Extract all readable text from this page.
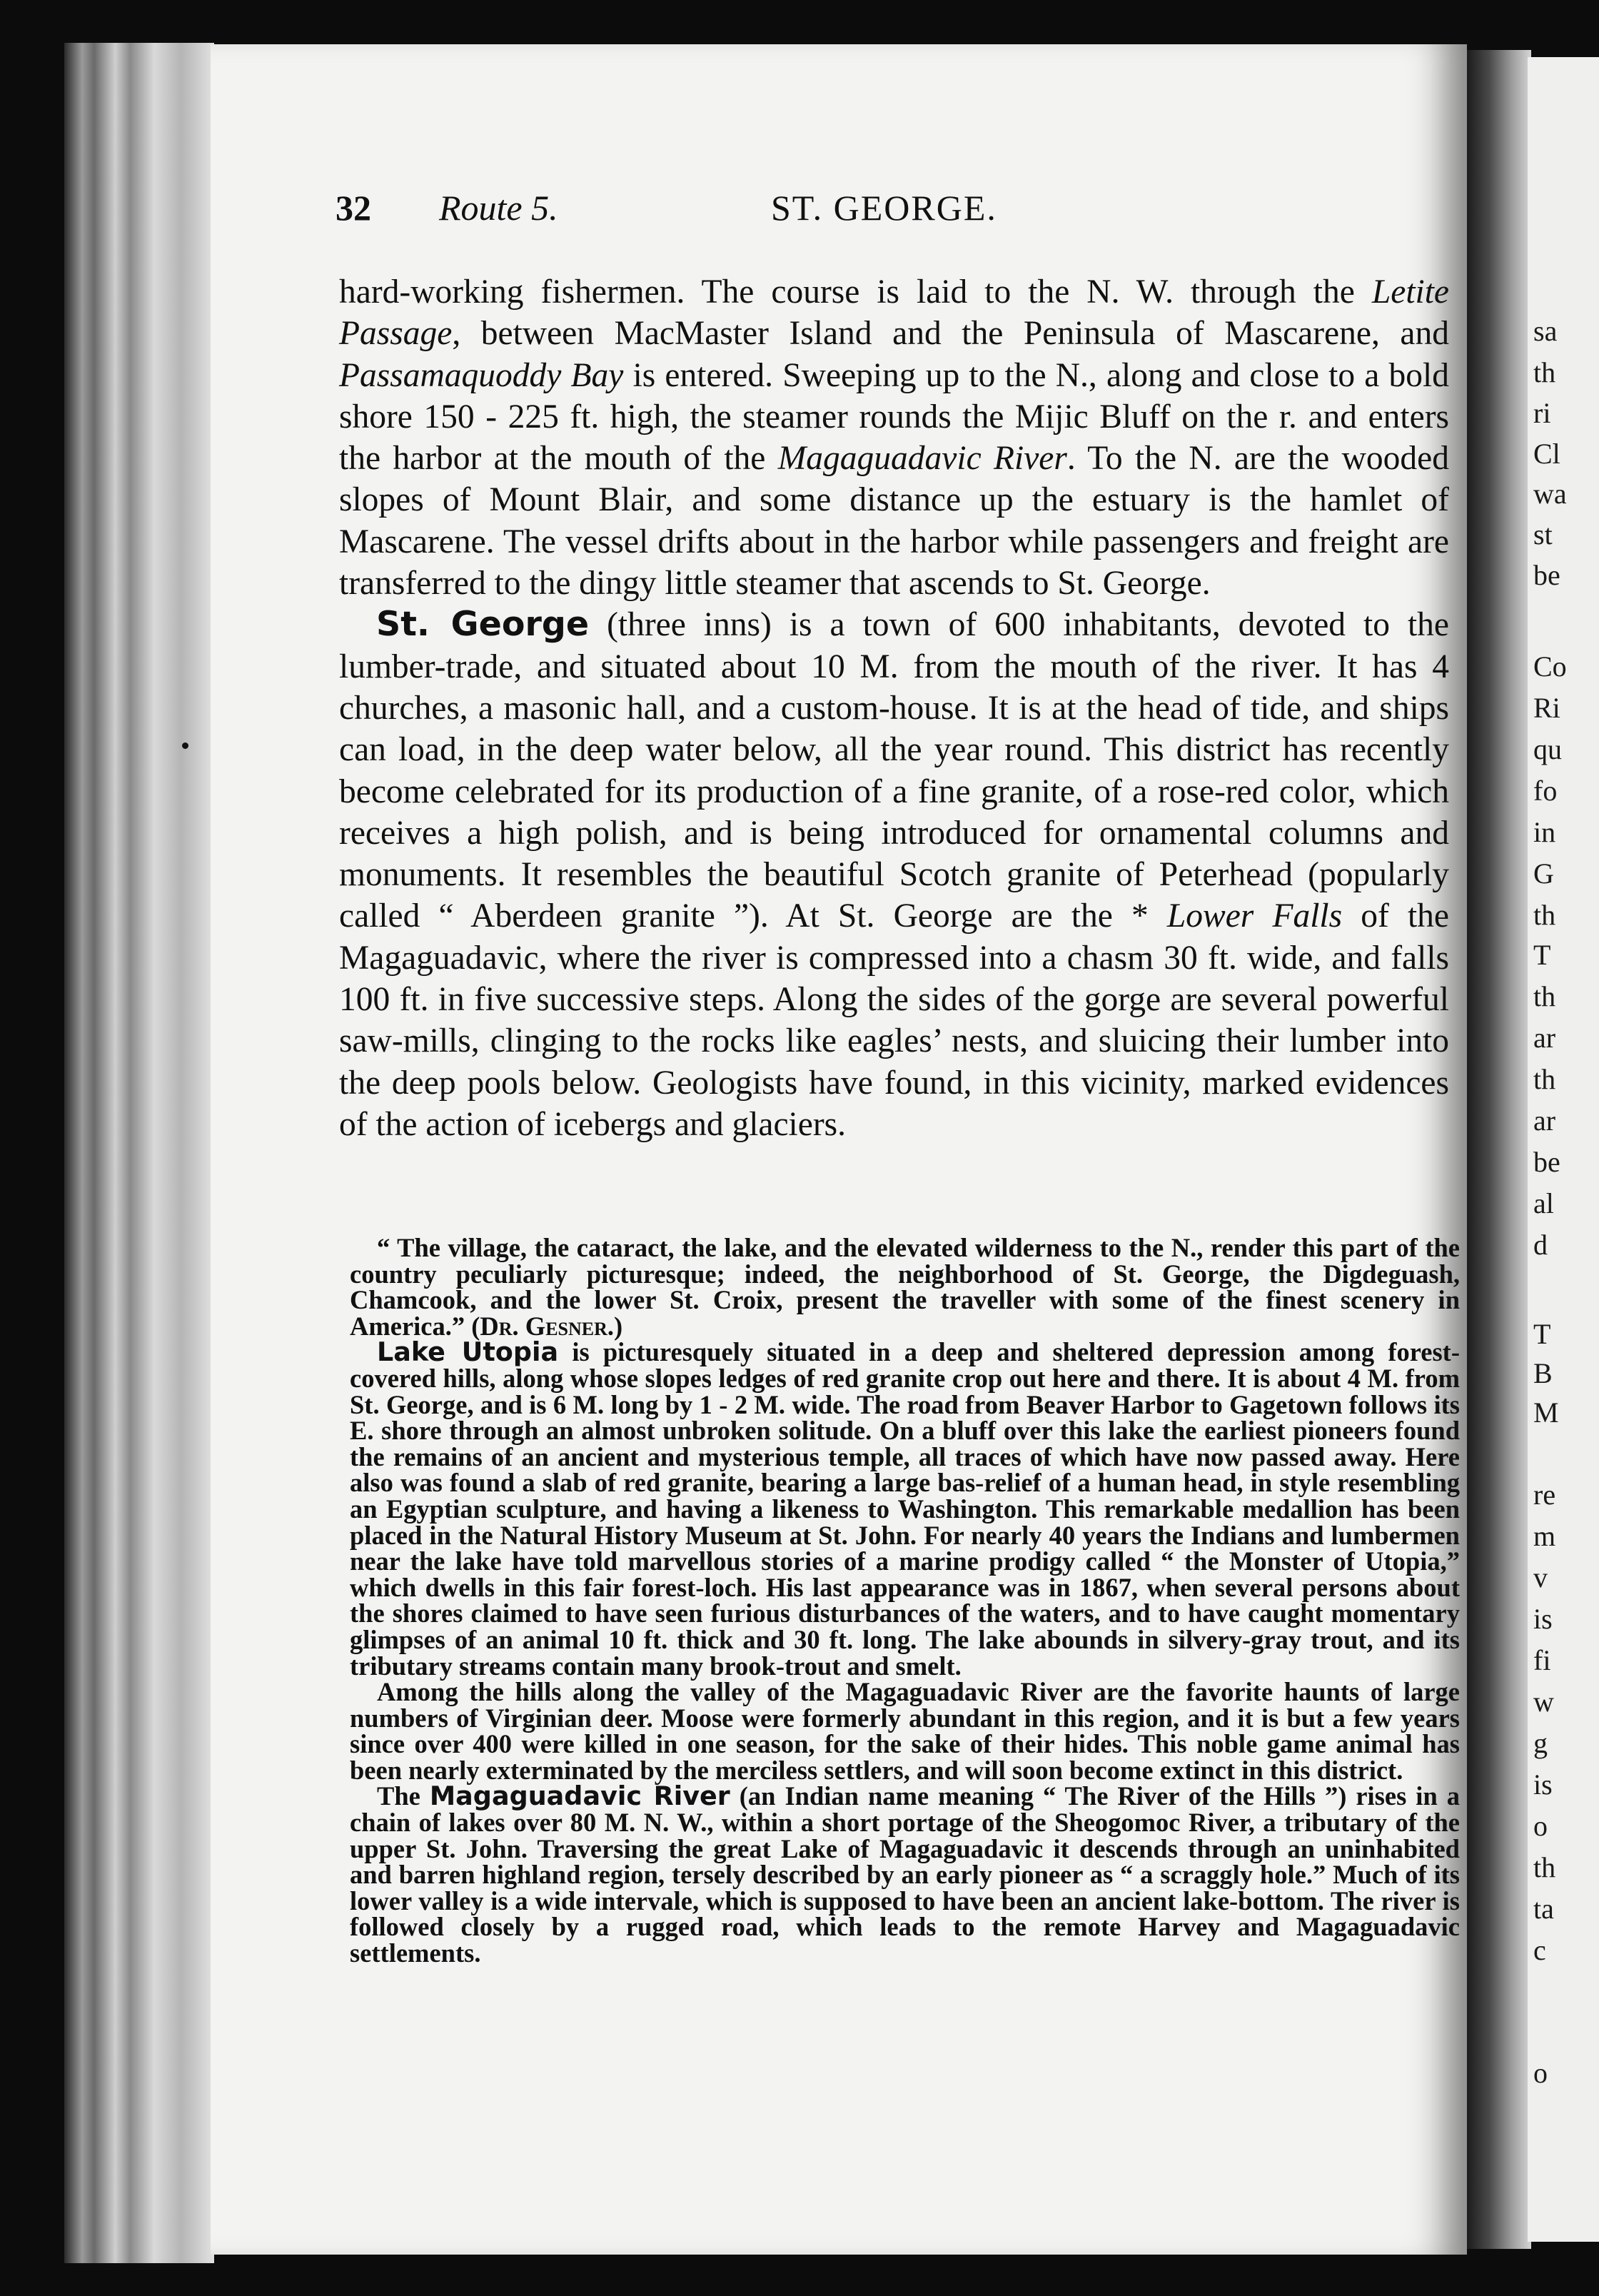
sa
th
ri
Cl
wa
st
be
Co
Ri
qu
fo
in
G
th
T
th
ar
th
ar
be
al
d
T
B
M
re
m
v
is
fi
w
g
is
o
th
ta
c
o
32 Route 5.	ST. GEORGE.

hard-working fishermen. The course is laid to the N. W. through the Letite Passage, between MacMaster Island and the Peninsula of Mascarene, and Passamaquoddy Bay is entered. Sweeping up to the N., along and close to a bold shore 150 - 225 ft. high, the steamer rounds the Mijic Bluff on the r. and enters the harbor at the mouth of the Magaguadavic River. To the N. are the wooded slopes of Mount Blair, and some distance up the estuary is the hamlet of Mascarene. The vessel drifts about in the harbor while passengers and freight are transferred to the dingy little steamer that ascends to St. George.

St. George (three inns) is a town of 600 inhabitants, devoted to the lumber-trade, and situated about 10 M. from the mouth of the river. It has 4 churches, a masonic hall, and a custom-house. It is at the head of tide, and ships can load, in the deep water below, all the year round. This district has recently become celebrated for its production of a fine granite, of a rose-red color, which receives a high polish, and is being introduced for ornamental columns and monuments. It resembles the beautiful Scotch granite of Peterhead (popularly called “ Aberdeen granite ”). At St. George are the * Lower Falls of the Magaguadavic, where the river is compressed into a chasm 30 ft. wide, and falls 100 ft. in five successive steps. Along the sides of the gorge are several powerful saw-mills, clinging to the rocks like eagles’ nests, and sluicing their lumber into the deep pools below. Geologists have found, in this vicinity, marked evidences of the action of icebergs and glaciers.

“ The village, the cataract, the lake, and the elevated wilderness to the N., render this part of the country peculiarly picturesque; indeed, the neighborhood of St. George, the Digdeguash, Chamcook, and the lower St. Croix, present the traveller with some of the finest scenery in America.” (Dr. Gesner.)

Lake Utopia is picturesquely situated in a deep and sheltered depression among forest-covered hills, along whose slopes ledges of red granite crop out here and there. It is about 4 M. from St. George, and is 6 M. long by 1 - 2 M. wide. The road from Beaver Harbor to Gagetown follows its E. shore through an almost unbroken solitude. On a bluff over this lake the earliest pioneers found the remains of an ancient and mysterious temple, all traces of which have now passed away. Here also was found a slab of red granite, bearing a large bas-relief of a human head, in style resembling an Egyptian sculpture, and having a likeness to Washington. This remarkable medallion has been placed in the Natural History Museum at St. John. For nearly 40 years the Indians and lumbermen near the lake have told marvellous stories of a marine prodigy called “ the Monster of Utopia,” which dwells in this fair forest-loch. His last appearance was in 1867, when several persons about the shores claimed to have seen furious disturbances of the waters, and to have caught momentary glimpses of an animal 10 ft. thick and 30 ft. long. The lake abounds in silvery-gray trout, and its tributary streams contain many brook-trout and smelt.

Among the hills along the valley of the Magaguadavic River are the favorite haunts of large numbers of Virginian deer. Moose were formerly abundant in this region, and it is but a few years since over 400 were killed in one season, for the sake of their hides. This noble game animal has been nearly exterminated by the merciless settlers, and will soon become extinct in this district.

The Magaguadavic River (an Indian name meaning “ The River of the Hills ”) rises in a chain of lakes over 80 M. N. W., within a short portage of the Sheogomoc River, a tributary of the upper St. John. Traversing the great Lake of Magaguadavic it descends through an uninhabited and barren highland region, tersely described by an early pioneer as “ a scraggly hole.” Much of its lower valley is a wide intervale, which is supposed to have been an ancient lake-bottom. The river is followed closely by a rugged road, which leads to the remote Harvey and Magaguadavic settlements.
